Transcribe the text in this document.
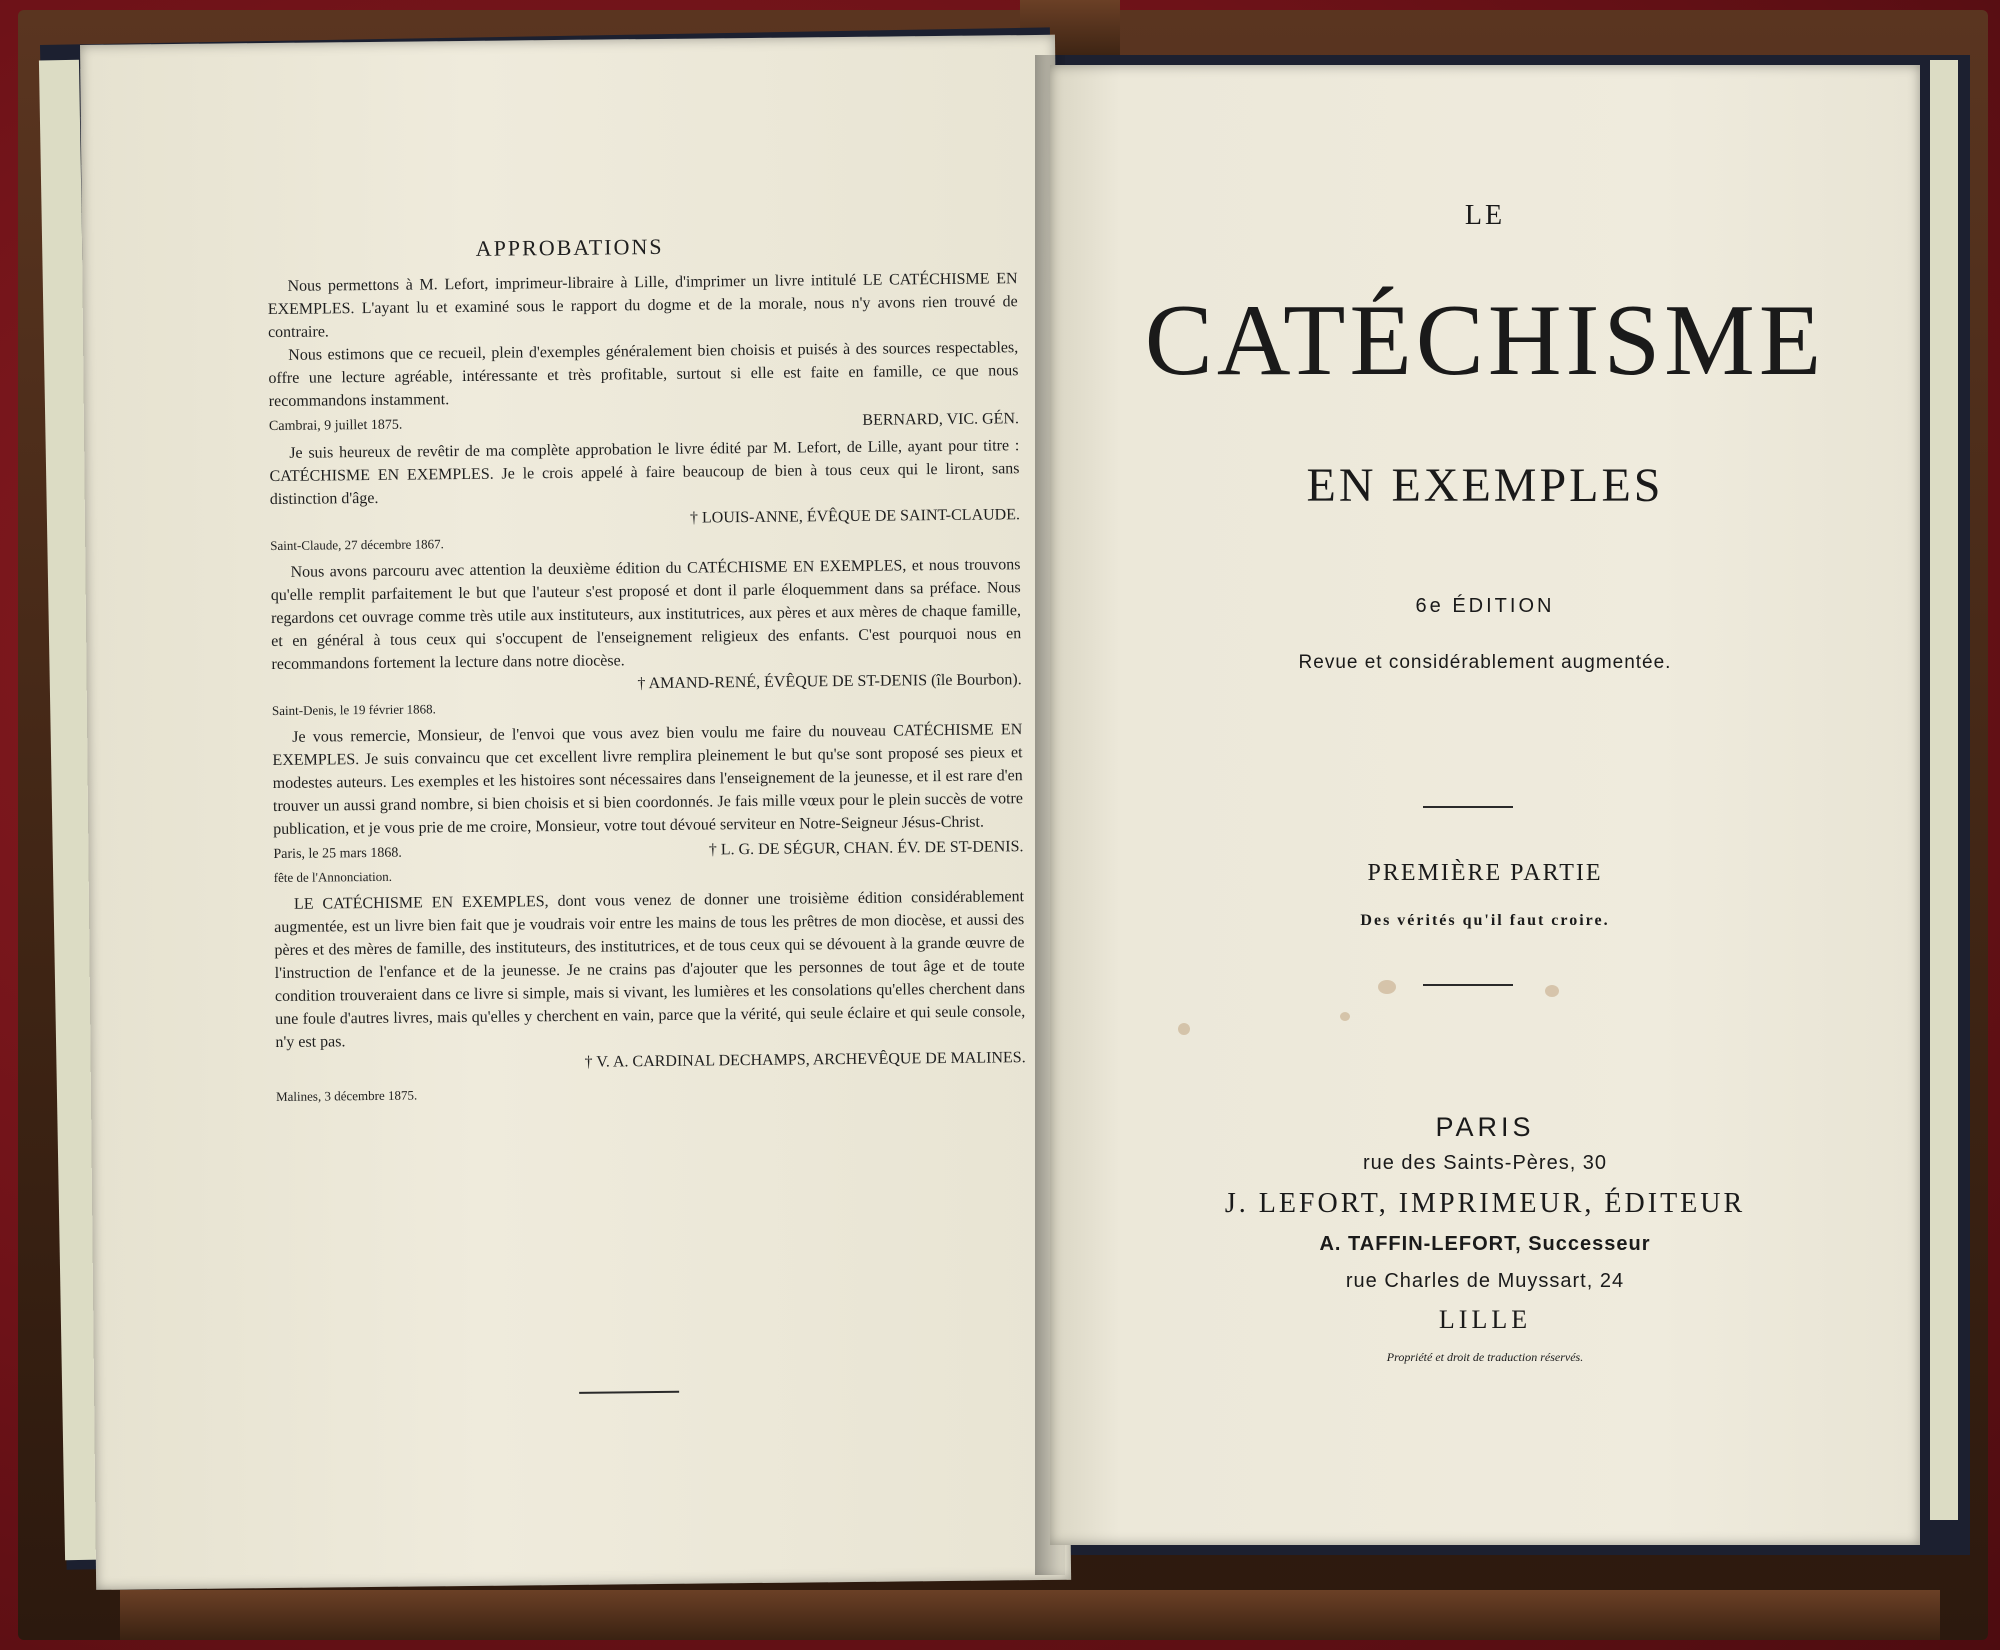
APPROBATIONS

Nous permettons à M. Lefort, imprimeur-libraire à Lille, d'imprimer un livre intitulé LE CATÉCHISME EN EXEMPLES. L'ayant lu et examiné sous le rapport du dogme et de la morale, nous n'y avons rien trouvé de contraire.

Nous estimons que ce recueil, plein d'exemples généralement bien choisis et puisés à des sources respectables, offre une lecture agréable, intéressante et très profitable, surtout si elle est faite en famille, ce que nous recommandons instamment.

Cambrai, 9 juillet 1875.	BERNARD, VIC. GÉN.

Je suis heureux de revêtir de ma complète approbation le livre édité par M. Lefort, de Lille, ayant pour titre : CATÉCHISME EN EXEMPLES. Je le crois appelé à faire beaucoup de bien à tous ceux qui le liront, sans distinction d'âge.

† LOUIS-ANNE, ÉVÊQUE DE SAINT-CLAUDE.
Saint-Claude, 27 décembre 1867.

Nous avons parcouru avec attention la deuxième édition du CATÉCHISME EN EXEMPLES, et nous trouvons qu'elle remplit parfaitement le but que l'auteur s'est proposé et dont il parle éloquemment dans sa préface. Nous regardons cet ouvrage comme très utile aux instituteurs, aux institutrices, aux pères et aux mères de chaque famille, et en général à tous ceux qui s'occupent de l'enseignement religieux des enfants. C'est pourquoi nous en recommandons fortement la lecture dans notre diocèse.

† AMAND-RENÉ, ÉVÊQUE DE ST-DENIS (île Bourbon).
Saint-Denis, le 19 février 1868.

Je vous remercie, Monsieur, de l'envoi que vous avez bien voulu me faire du nouveau CATÉCHISME EN EXEMPLES. Je suis convaincu que cet excellent livre remplira pleinement le but qu'se sont proposé ses pieux et modestes auteurs. Les exemples et les histoires sont nécessaires dans l'enseignement de la jeunesse, et il est rare d'en trouver un aussi grand nombre, si bien choisis et si bien coordonnés. Je fais mille vœux pour le plein succès de votre publication, et je vous prie de me croire, Monsieur, votre tout dévoué serviteur en Notre-Seigneur Jésus-Christ.

Paris, le 25 mars 1868.	† L. G. DE SÉGUR, CHAN. ÉV. DE ST-DENIS.
fête de l'Annonciation.

LE CATÉCHISME EN EXEMPLES, dont vous venez de donner une troisième édition considérablement augmentée, est un livre bien fait que je voudrais voir entre les mains de tous les prêtres de mon diocèse, et aussi des pères et des mères de famille, des instituteurs, des institutrices, et de tous ceux qui se dévouent à la grande œuvre de l'instruction de l'enfance et de la jeunesse. Je ne crains pas d'ajouter que les personnes de tout âge et de toute condition trouveraient dans ce livre si simple, mais si vivant, les lumières et les consolations qu'elles cherchent dans une foule d'autres livres, mais qu'elles y cherchent en vain, parce que la vérité, qui seule éclaire et qui seule console, n'y est pas.

† V. A. CARDINAL DECHAMPS, ARCHEVÊQUE DE MALINES.
Malines, 3 décembre 1875.
LE
CATÉCHISME
EN EXEMPLES
6e ÉDITION
Revue et considérablement augmentée.
PREMIÈRE PARTIE
Des vérités qu'il faut croire.
PARIS
rue des Saints-Pères, 30
J. LEFORT, IMPRIMEUR, ÉDITEUR
A. TAFFIN-LEFORT, Successeur
rue Charles de Muyssart, 24
LILLE
Propriété et droit de traduction réservés.
